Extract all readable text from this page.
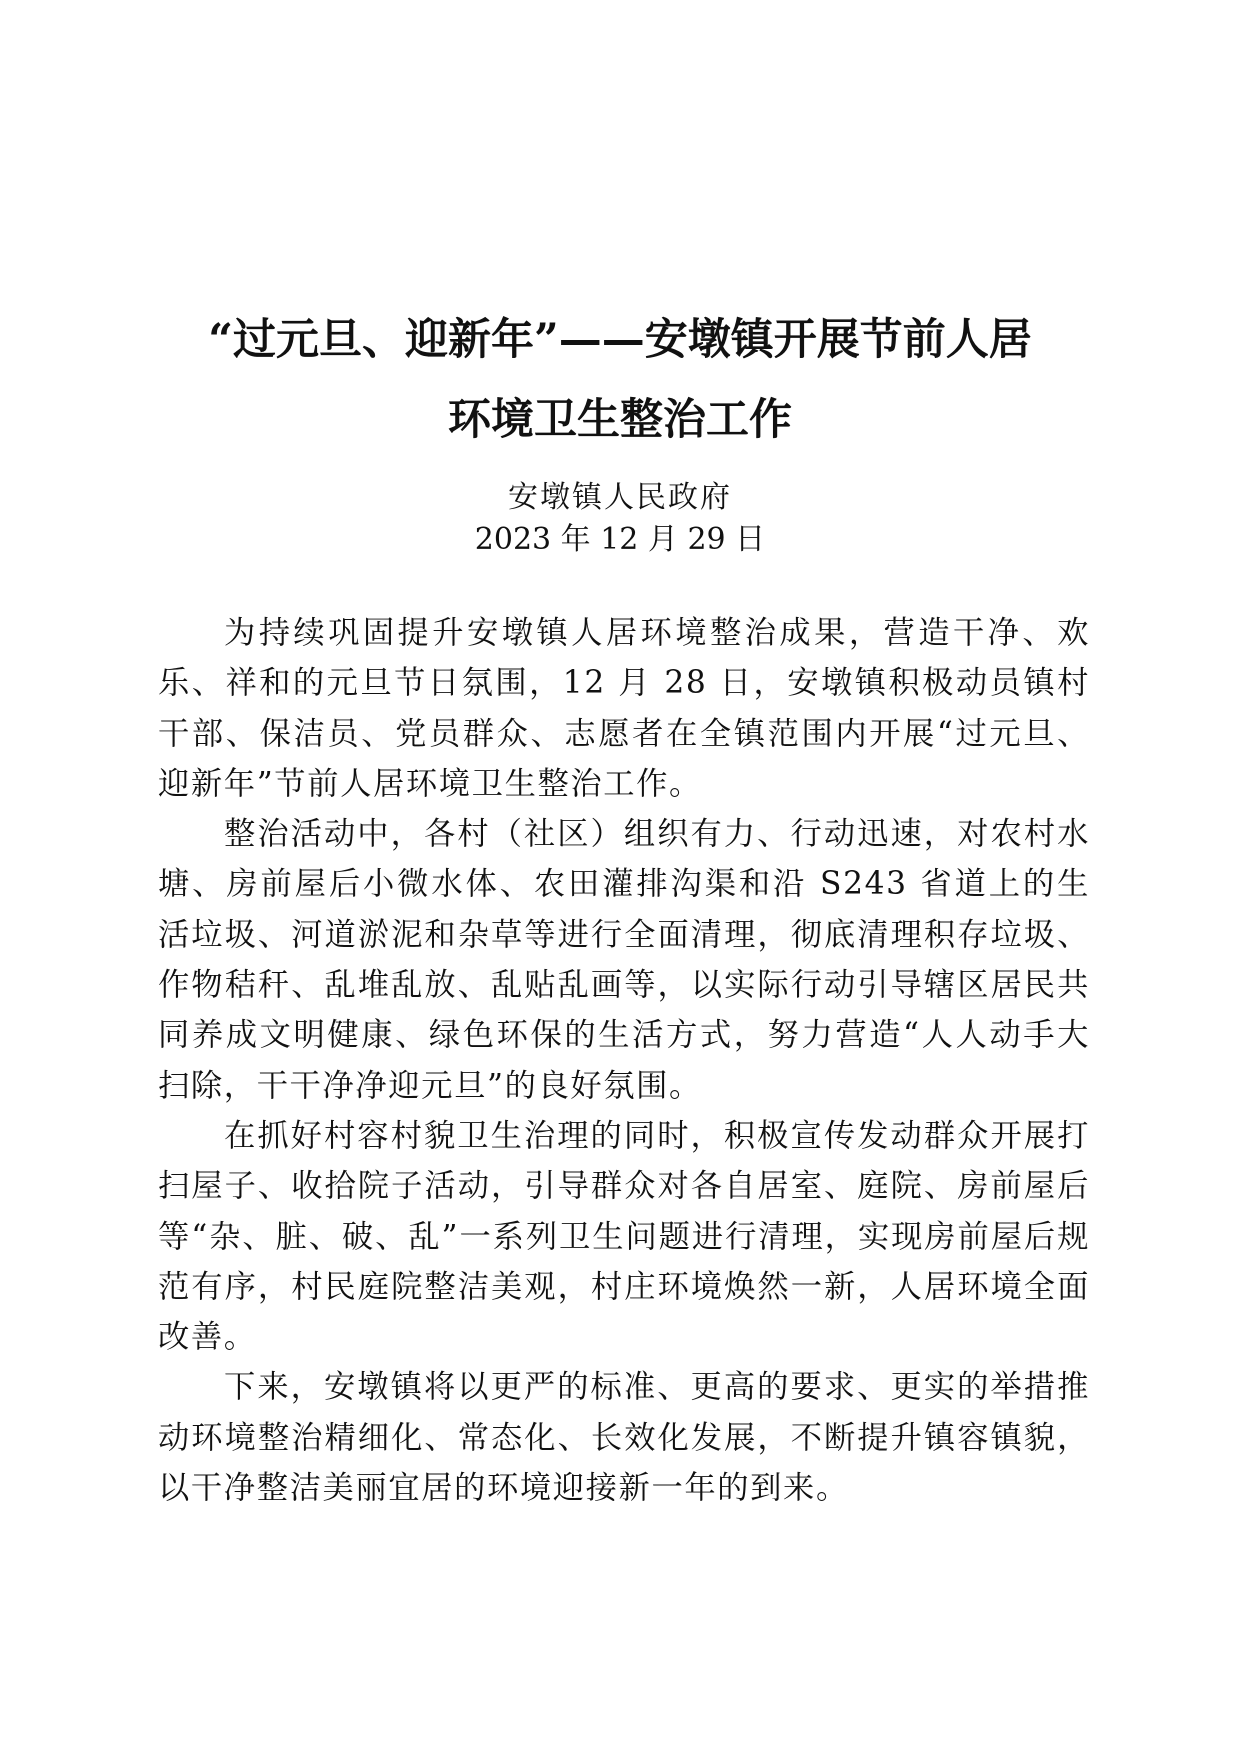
“过元旦、迎新年”——安墩镇开展节前人居
环境卫生整治工作
安墩镇人民政府
2023 年 12 月 29 日

为持续巩固提升安墩镇人居环境整治成果，营造干净、欢乐、祥和的元旦节日氛围，12 月 28 日，安墩镇积极动员镇村干部、保洁员、党员群众、志愿者在全镇范围内开展“过元旦、迎新年”节前人居环境卫生整治工作。

整治活动中，各村（社区）组织有力、行动迅速，对农村水塘、房前屋后小微水体、农田灌排沟渠和沿 S243 省道上的生活垃圾、河道淤泥和杂草等进行全面清理，彻底清理积存垃圾、作物秸秆、乱堆乱放、乱贴乱画等，以实际行动引导辖区居民共同养成文明健康、绿色环保的生活方式，努力营造“人人动手大扫除，干干净净迎元旦”的良好氛围。

在抓好村容村貌卫生治理的同时，积极宣传发动群众开展打扫屋子、收拾院子活动，引导群众对各自居室、庭院、房前屋后等“杂、脏、破、乱”一系列卫生问题进行清理，实现房前屋后规范有序，村民庭院整洁美观，村庄环境焕然一新，人居环境全面改善。

下来，安墩镇将以更严的标准、更高的要求、更实的举措推动环境整治精细化、常态化、长效化发展，不断提升镇容镇貌，以干净整洁美丽宜居的环境迎接新一年的到来。
